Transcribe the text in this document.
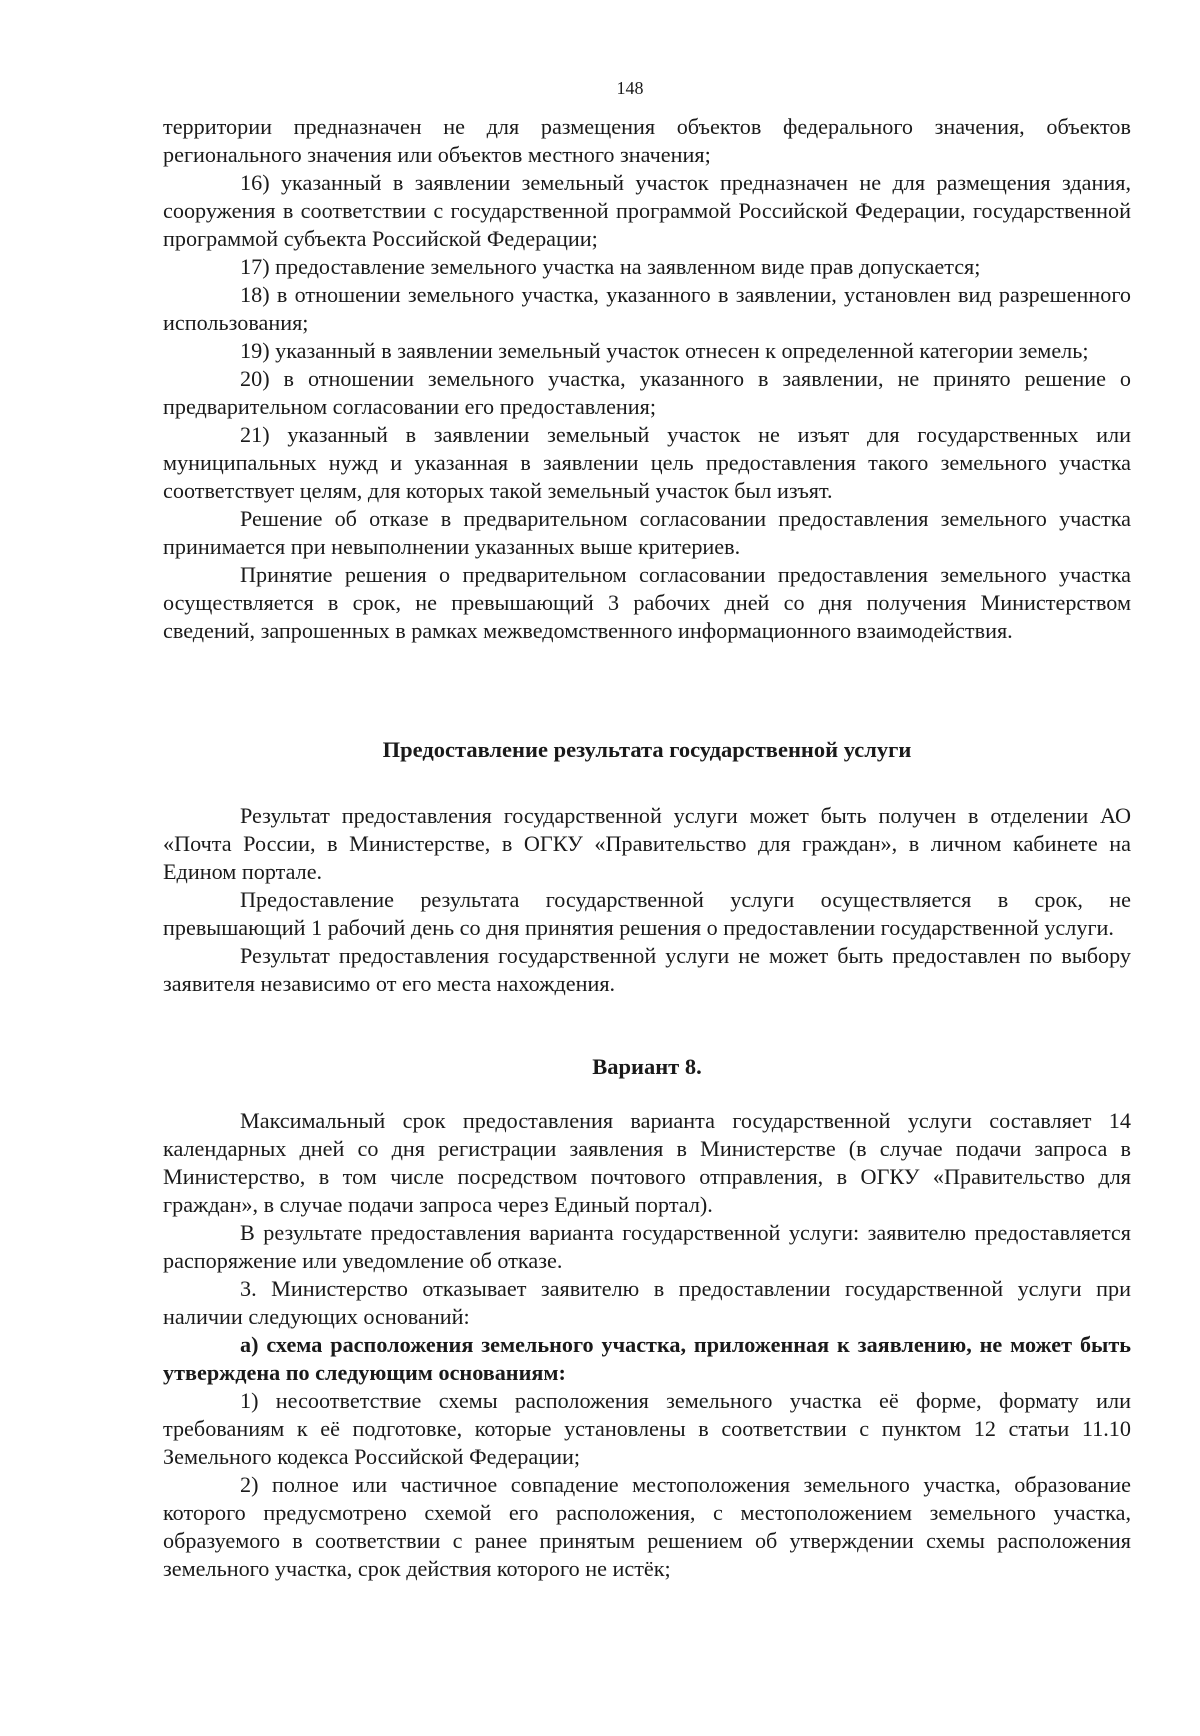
148

территории предназначен не для размещения объектов федерального значения, объектов регионального значения или объектов местного значения;

16) указанный в заявлении земельный участок предназначен не для размещения здания, сооружения в соответствии с государственной программой Российской Федерации, государственной программой субъекта Российской Федерации;

17) предоставление земельного участка на заявленном виде прав допускается;

18) в отношении земельного участка, указанного в заявлении, установлен вид разрешенного использования;

19) указанный в заявлении земельный участок отнесен к определенной категории земель;

20) в отношении земельного участка, указанного в заявлении, не принято решение о предварительном согласовании его предоставления;

21) указанный в заявлении земельный участок не изъят для государственных или муниципальных нужд и указанная в заявлении цель предоставления такого земельного участка соответствует целям, для которых такой земельный участок был изъят.

Решение об отказе в предварительном согласовании предоставления земельного участка принимается при невыполнении указанных выше критериев.

Принятие решения о предварительном согласовании предоставления земельного участка осуществляется в срок, не превышающий 3 рабочих дней со дня получения Министерством сведений, запрошенных в рамках межведомственного информационного взаимодействия.

Предоставление результата государственной услуги

Результат предоставления государственной услуги может быть получен в отделении АО «Почта России, в Министерстве, в ОГКУ «Правительство для граждан», в личном кабинете на Едином портале.

Предоставление результата государственной услуги осуществляется в срок, не превышающий 1 рабочий день со дня принятия решения о предоставлении государственной услуги.

Результат предоставления государственной услуги не может быть предоставлен по выбору заявителя независимо от его места нахождения.

Вариант 8.

Максимальный срок предоставления варианта государственной услуги составляет 14 календарных дней со дня регистрации заявления в Министерстве (в случае подачи запроса в Министерство, в том числе посредством почтового отправления, в ОГКУ «Правительство для граждан», в случае подачи запроса через Единый портал).

В результате предоставления варианта государственной услуги: заявителю предоставляется распоряжение или уведомление об отказе.

3. Министерство отказывает заявителю в предоставлении государственной услуги при наличии следующих оснований:

а) схема расположения земельного участка, приложенная к заявлению, не может быть утверждена по следующим основаниям:

1) несоответствие схемы расположения земельного участка её форме, формату или требованиям к её подготовке, которые установлены в соответствии с пунктом 12 статьи 11.10 Земельного кодекса Российской Федерации;

2) полное или частичное совпадение местоположения земельного участка, образование которого предусмотрено схемой его расположения, с местоположением земельного участка, образуемого в соответствии с ранее принятым решением об утверждении схемы расположения земельного участка, срок действия которого не истёк;
